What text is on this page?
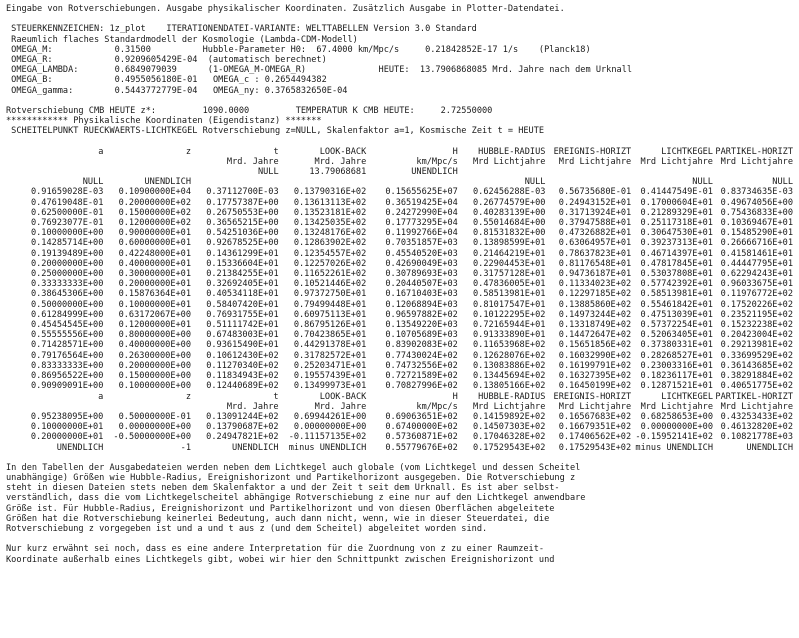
Eingabe von Rotverschiebungen. Ausgabe physikalischer Koordinaten. Zusätzlich Ausgabe in Plotter-Datendatei.
STEUERKENNZEICHEN: 1z_plot    ITERATIONENDATEI-VARIANTE: WELTTABELLEN Version 3.0 Standard
Raeumlich flaches Standardmodell der Kosmologie (Lambda-CDM-Modell)
OMEGA_M:            0.31500          Hubble-Parameter H0:  67.4000 km/Mpc/s     0.21842852E-17 1/s    (Planck18)
OMEGA_R:            0.9209605429E-04  (automatisch berechnet)
OMEGA_LAMBDA:       0.6849079039      (1-OMEGA_M-OMEGA_R)              HEUTE:  13.7906868085 Mrd. Jahre nach dem Urknall
OMEGA_B:            0.4955056180E-01   OMEGA_c : 0.2654494382
OMEGA_gamma:        0.5443772779E-04   OMEGA_ny: 0.3765832650E-04
Rotverschiebung CMB HEUTE z*:         1090.0000         TEMPERATUR K CMB HEUTE:     2.72550000
************ Physikalische Koordinaten (Eigendistanz) *******
SCHEITELPUNKT RUECKWAERTS-LICHTKEGEL Rotverschiebung z=NULL, Skalenfaktor a=1, Kosmische Zeit t = HEUTE
a	z	t	LOOK-BACK	H	HUBBLE-RADIUS	EREIGNIS-HORIZT	LICHTKEGEL	PARTIKEL-HORIZT
		Mrd. Jahre	Mrd. Jahre	km/Mpc/s	Mrd Lichtjahre	Mrd Lichtjahre	Mrd Lichtjahre	Mrd Lichtjahre
		NULL	13.79068681	UNENDLICH				
NULL	UNENDLICH				NULL		NULL	NULL
0.91659028E-03	0.10900000E+04	0.37112700E-03	0.13790316E+02	0.15655625E+07	0.62456288E-03	0.56735680E-01	0.41447549E-01	0.83734635E-03
0.47619048E-01	0.20000000E+02	0.17757387E+00	0.13613113E+02	0.36519425E+04	0.26774579E+00	0.24943152E+01	0.17000604E+01	0.49674056E+00
0.62500000E-01	0.15000000E+02	0.26750553E+00	0.13523181E+02	0.24272990E+04	0.40283139E+00	0.31713924E+01	0.21289329E+01	0.75436833E+00
0.76923077E-01	0.12000000E+02	0.36565215E+00	0.13425035E+02	0.17773295E+04	0.55014684E+00	0.37947588E+01	0.25117318E+01	0.10369467E+01
0.10000000E+00	0.90000000E+01	0.54251036E+00	0.13248176E+02	0.11992766E+04	0.81531832E+00	0.47326882E+01	0.30647530E+01	0.15485290E+01
0.14285714E+00	0.60000000E+01	0.92678525E+00	0.12863902E+02	0.70351857E+03	0.13898599E+01	0.63064957E+01	0.39237313E+01	0.26666716E+01
0.19139489E+00	0.42248000E+01	0.14361299E+01	0.12354557E+02	0.45540520E+03	0.21464219E+01	0.78637823E+01	0.46714397E+01	0.41581461E+01
0.20000000E+00	0.40000000E+01	0.15336604E+01	0.12257026E+02	0.42690049E+03	0.22904453E+01	0.81176548E+01	0.47817845E+01	0.44447795E+01
0.25000000E+00	0.30000000E+01	0.21384255E+01	0.11652261E+02	0.30789693E+03	0.31757128E+01	0.94736187E+01	0.53037808E+01	0.62294243E+01
0.33333333E+00	0.20000000E+01	0.32692405E+01	0.10521446E+02	0.20440507E+03	0.47836005E+01	0.11334023E+02	0.57742392E+01	0.96033675E+01
0.38645306E+00	0.15876364E+01	0.40534118E+01	0.97372750E+01	0.16710403E+03	0.58513981E+01	0.12297185E+02	0.58513981E+01	0.11976772E+02
0.50000000E+00	0.10000000E+01	0.58407420E+01	0.79499448E+01	0.12068894E+03	0.81017547E+01	0.13885860E+02	0.55461842E+01	0.17520226E+02
0.61284999E+00	0.63172067E+00	0.76931755E+01	0.60975113E+01	0.96597882E+02	0.10122295E+02	0.14973244E+02	0.47513039E+01	0.23521195E+02
0.45454545E+00	0.12000000E+01	0.51111742E+01	0.86795126E+01	0.13549220E+03	0.72165944E+01	0.13318749E+02	0.57372254E+01	0.15232238E+02
0.55555556E+00	0.80000000E+00	0.67483003E+01	0.70423865E+01	0.10705689E+03	0.91333890E+01	0.14472647E+02	0.52063405E+01	0.20423004E+02
0.71428571E+00	0.40000000E+00	0.93615490E+01	0.44291378E+01	0.83902083E+02	0.11653968E+02	0.15651856E+02	0.37380331E+01	0.29213981E+02
0.79176564E+00	0.26300000E+00	0.10612430E+02	0.31782572E+01	0.77430024E+02	0.12628076E+02	0.16032990E+02	0.28268527E+01	0.33699529E+02
0.83333333E+00	0.20000000E+00	0.11270340E+02	0.25203471E+01	0.74732556E+02	0.13083886E+02	0.16199791E+02	0.23003316E+01	0.36143685E+02
0.86956522E+00	0.15000000E+00	0.11834943E+02	0.19557439E+01	0.72721589E+02	0.13445694E+02	0.16327395E+02	0.18236117E+01	0.38291884E+02
0.90909091E+00	0.10000000E+00	0.12440689E+02	0.13499973E+01	0.70827996E+02	0.13805166E+02	0.16450199E+02	0.12871521E+01	0.40651775E+02
a	z	t	LOOK-BACK	H	HUBBLE-RADIUS	EREIGNIS-HORIZT	LICHTKEGEL	PARTIKEL-HORIZT
		Mrd. Jahre	Mrd. Jahre	km/Mpc/s	Mrd Lichtjahre	Mrd Lichtjahre	Mrd Lichtjahre	Mrd Lichtjahre
0.95238095E+00	0.50000000E-01	0.13091244E+02	0.69944261E+00	0.69063651E+02	0.14159892E+02	0.16567683E+02	0.68258653E+00	0.43253433E+02
0.10000000E+01	0.00000000E+00	0.13790687E+02	0.00000000E+00	0.67400000E+02	0.14507303E+02	0.16679351E+02	0.00000000E+00	0.46132820E+02
0.20000000E+01	-0.50000000E+00	0.24947821E+02	-0.11157135E+02	0.57360871E+02	0.17046328E+02	0.17406562E+02	-0.15952141E+02	0.10821778E+03
UNENDLICH	-1	UNENDLICH	minus UNENDLICH	0.55779676E+02	0.17529543E+02	0.17529543E+02	minus UNENDLICH	UNENDLICH
In den Tabellen der Ausgabedateien werden neben dem Lichtkegel auch globale (vom Lichtkegel und dessen Scheitel
unabhängige) Größen wie Hubble-Radius, Ereignishorizont und Partikelhorizont ausgegeben. Die Rotverschiebung z
steht in diesen Dateien stets neben dem Skalenfaktor a und der Zeit t seit dem Urknall. Es ist aber selbst-
verständlich, dass die vom Lichtkegelscheitel abhängige Rotverschiebung z eine nur auf den Lichtkegel anwendbare
Größe ist. Für Hubble-Radius, Ereignishorizont und Partikelhorizont und von diesen Oberflächen abgeleitete
Größen hat die Rotverschiebung keinerlei Bedeutung, auch dann nicht, wenn, wie in dieser Steuerdatei, die
Rotverschiebung z vorgegeben ist und a und t aus z (und dem Scheitel) abgeleitet worden sind.
Nur kurz erwähnt sei noch, dass es eine andere Interpretation für die Zuordnung von z zu einer Raumzeit-
Koordinate außerhalb eines Lichtkegels gibt, wobei wir hier den Schnittpunkt zwischen Ereignishorizont und
